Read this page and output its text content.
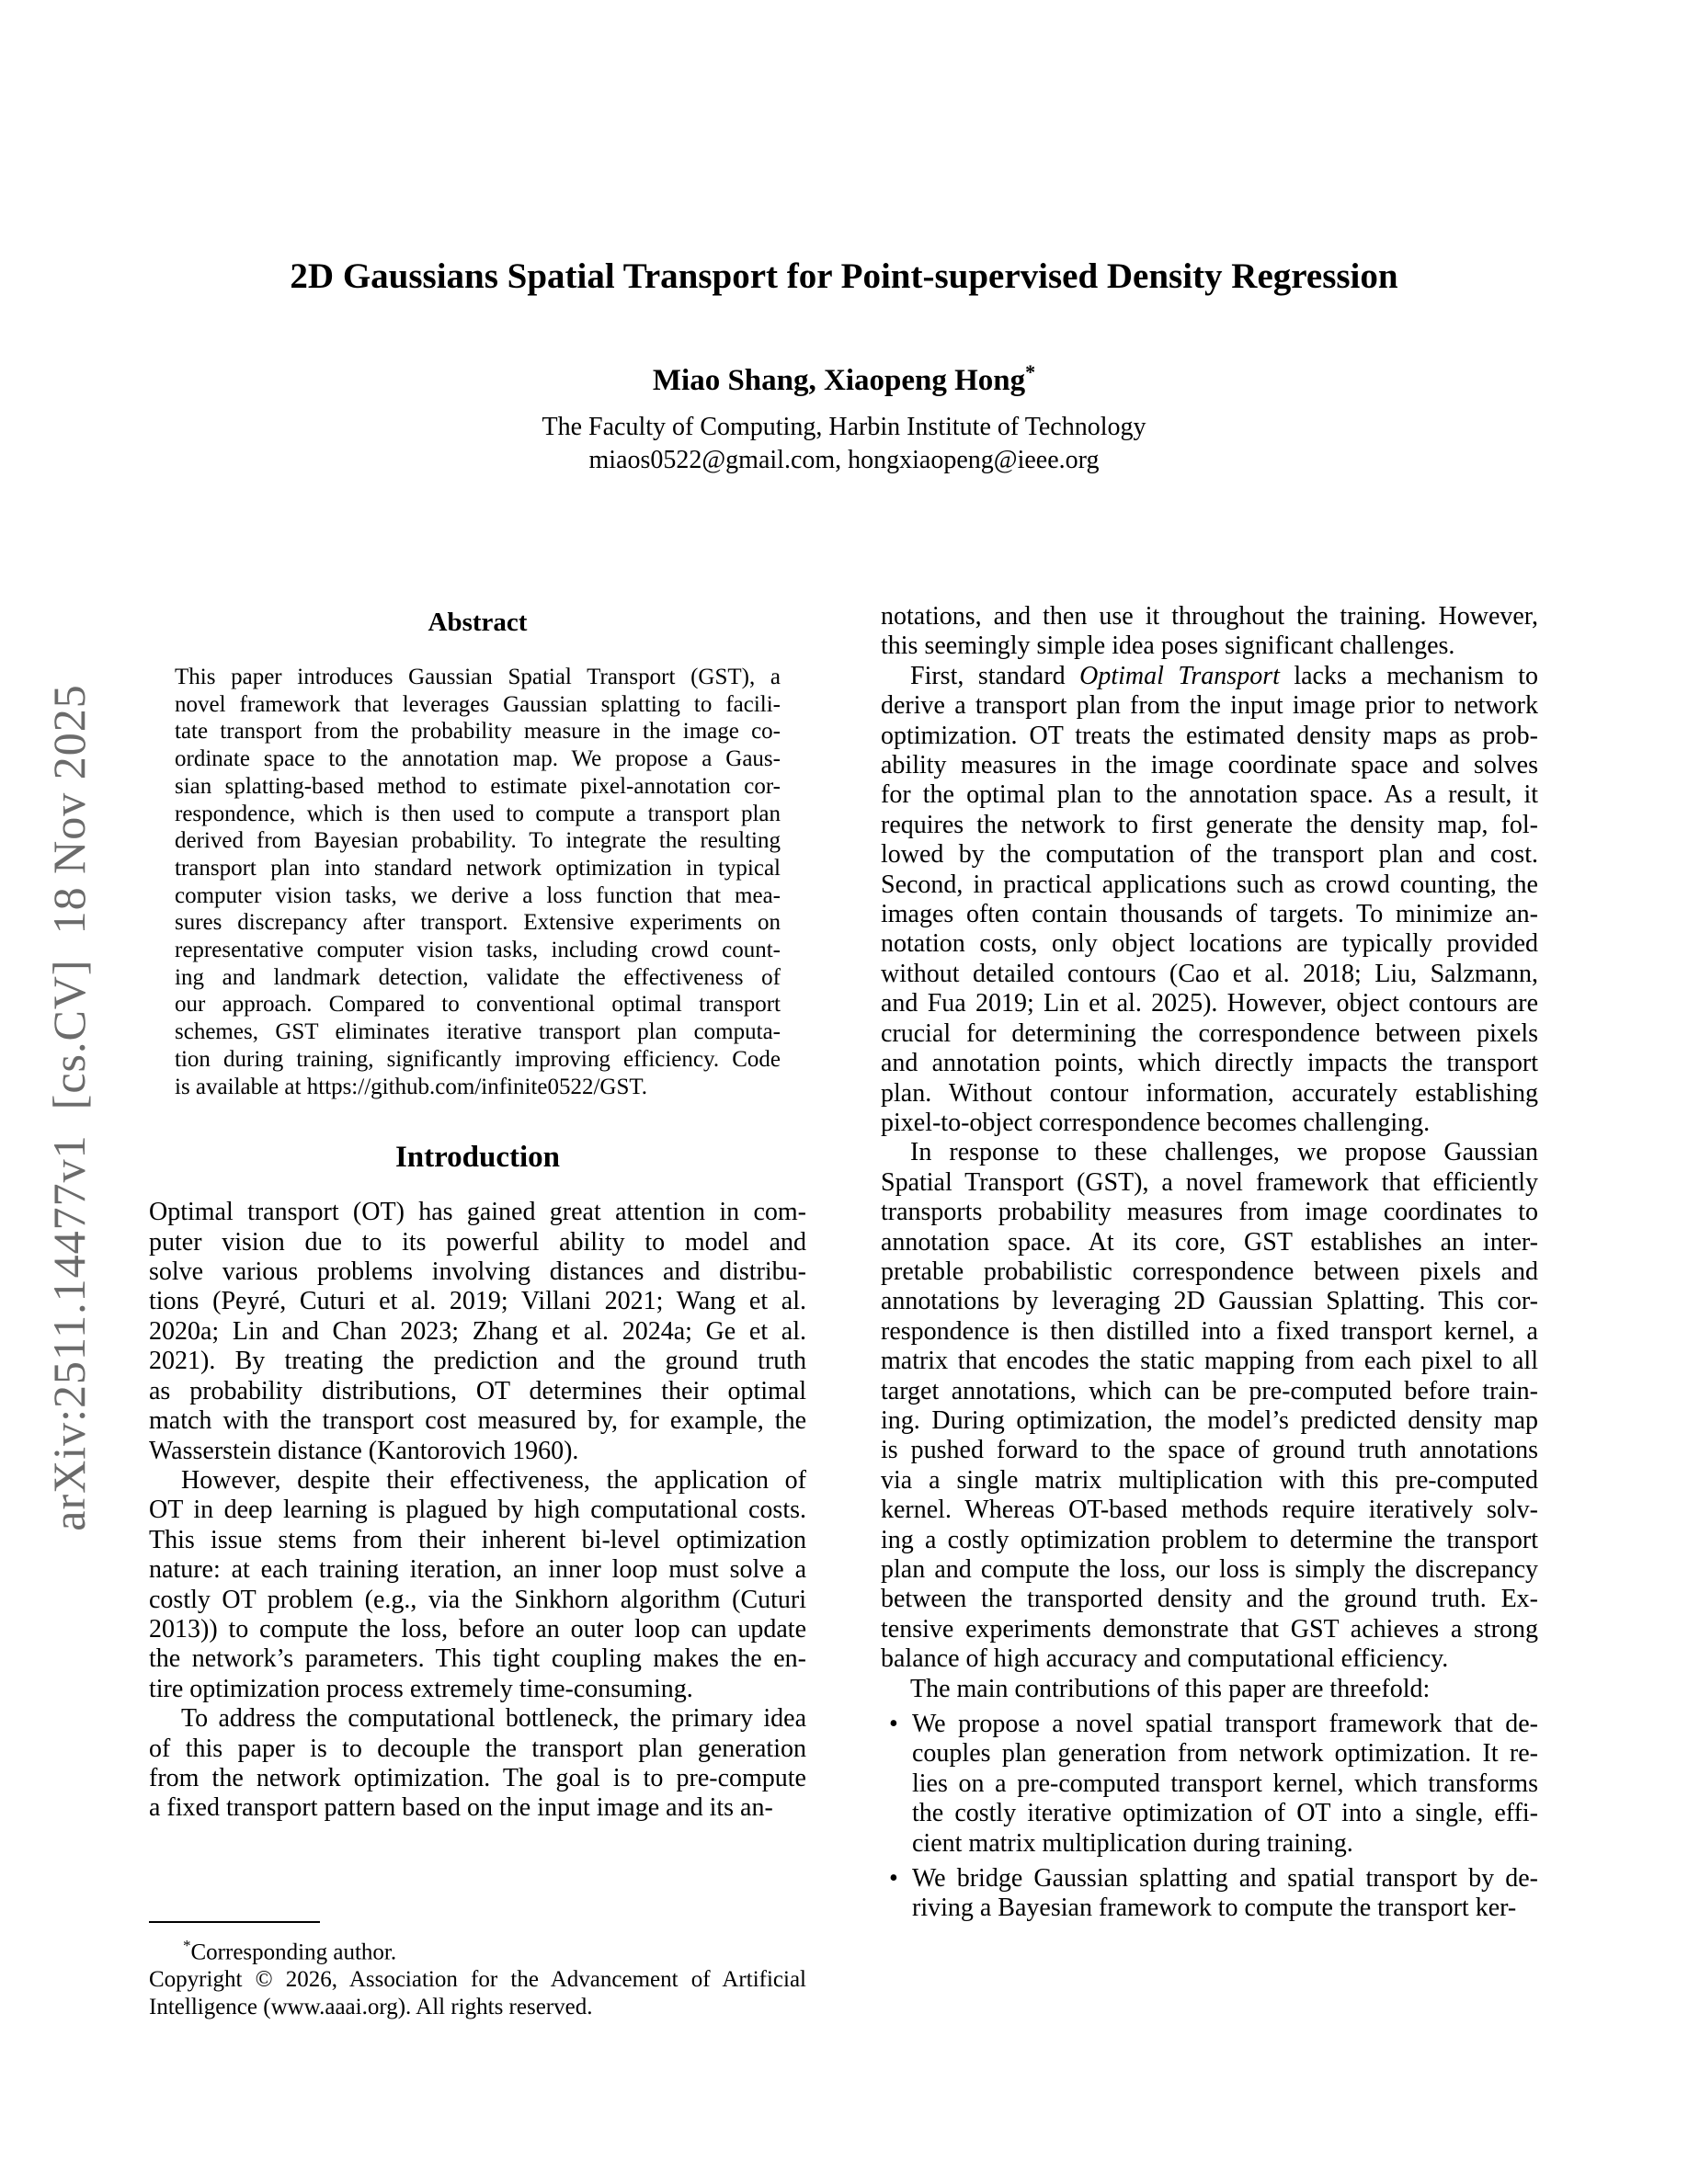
arXiv:2511.14477v1  [cs.CV]  18 Nov 2025
2D Gaussians Spatial Transport for Point-supervised Density Regression
Miao Shang, Xiaopeng Hong*
The Faculty of Computing, Harbin Institute of Technology
miaos0522@gmail.com, hongxiaopeng@ieee.org
Abstract
This paper introduces Gaussian Spatial Transport (GST), a
novel framework that leverages Gaussian splatting to facili-
tate transport from the probability measure in the image co-
ordinate space to the annotation map. We propose a Gaus-
sian splatting-based method to estimate pixel-annotation cor-
respondence, which is then used to compute a transport plan
derived from Bayesian probability. To integrate the resulting
transport plan into standard network optimization in typical
computer vision tasks, we derive a loss function that mea-
sures discrepancy after transport. Extensive experiments on
representative computer vision tasks, including crowd count-
ing and landmark detection, validate the effectiveness of
our approach. Compared to conventional optimal transport
schemes, GST eliminates iterative transport plan computa-
tion during training, significantly improving efficiency. Code
is available at https://github.com/infinite0522/GST.
Introduction
Optimal transport (OT) has gained great attention in com-
puter vision due to its powerful ability to model and
solve various problems involving distances and distribu-
tions (Peyré, Cuturi et al. 2019; Villani 2021; Wang et al.
2020a; Lin and Chan 2023; Zhang et al. 2024a; Ge et al.
2021). By treating the prediction and the ground truth
as probability distributions, OT determines their optimal
match with the transport cost measured by, for example, the
Wasserstein distance (Kantorovich 1960).
However, despite their effectiveness, the application of
OT in deep learning is plagued by high computational costs.
This issue stems from their inherent bi-level optimization
nature: at each training iteration, an inner loop must solve a
costly OT problem (e.g., via the Sinkhorn algorithm (Cuturi
2013)) to compute the loss, before an outer loop can update
the network’s parameters. This tight coupling makes the en-
tire optimization process extremely time-consuming.
To address the computational bottleneck, the primary idea
of this paper is to decouple the transport plan generation
from the network optimization. The goal is to pre-compute
a fixed transport pattern based on the input image and its an-
*Corresponding author.
Copyright © 2026, Association for the Advancement of Artificial
Intelligence (www.aaai.org). All rights reserved.
notations, and then use it throughout the training. However,
this seemingly simple idea poses significant challenges.
First, standard Optimal Transport lacks a mechanism to
derive a transport plan from the input image prior to network
optimization. OT treats the estimated density maps as prob-
ability measures in the image coordinate space and solves
for the optimal plan to the annotation space. As a result, it
requires the network to first generate the density map, fol-
lowed by the computation of the transport plan and cost.
Second, in practical applications such as crowd counting, the
images often contain thousands of targets. To minimize an-
notation costs, only object locations are typically provided
without detailed contours (Cao et al. 2018; Liu, Salzmann,
and Fua 2019; Lin et al. 2025). However, object contours are
crucial for determining the correspondence between pixels
and annotation points, which directly impacts the transport
plan. Without contour information, accurately establishing
pixel-to-object correspondence becomes challenging.
In response to these challenges, we propose Gaussian
Spatial Transport (GST), a novel framework that efficiently
transports probability measures from image coordinates to
annotation space. At its core, GST establishes an inter-
pretable probabilistic correspondence between pixels and
annotations by leveraging 2D Gaussian Splatting. This cor-
respondence is then distilled into a fixed transport kernel, a
matrix that encodes the static mapping from each pixel to all
target annotations, which can be pre-computed before train-
ing. During optimization, the model’s predicted density map
is pushed forward to the space of ground truth annotations
via a single matrix multiplication with this pre-computed
kernel. Whereas OT-based methods require iteratively solv-
ing a costly optimization problem to determine the transport
plan and compute the loss, our loss is simply the discrepancy
between the transported density and the ground truth. Ex-
tensive experiments demonstrate that GST achieves a strong
balance of high accuracy and computational efficiency.
The main contributions of this paper are threefold:
• We propose a novel spatial transport framework that de-
couples plan generation from network optimization. It re-
lies on a pre-computed transport kernel, which transforms
the costly iterative optimization of OT into a single, effi-
cient matrix multiplication during training.
• We bridge Gaussian splatting and spatial transport by de-
riving a Bayesian framework to compute the transport ker-
